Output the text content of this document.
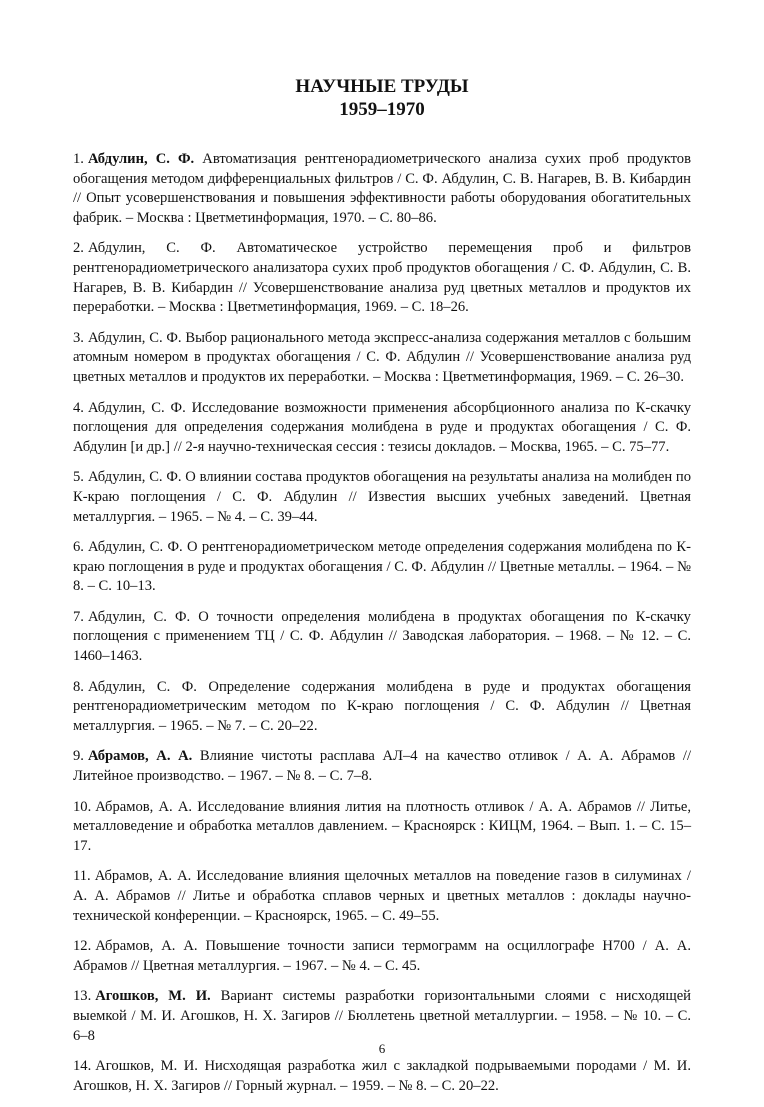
НАУЧНЫЕ ТРУДЫ
1959–1970

1. Абдулин, С. Ф. Автоматизация рентгенорадиометрического анализа сухих проб продуктов обогащения методом дифференциальных фильтров / С. Ф. Абдулин, С. В. Нагарев, В. В. Кибардин // Опыт усовершенствования и повышения эффективности работы оборудования обогатительных фабрик. – Москва : Цветметинформация, 1970. – С. 80–86.

2. Абдулин, С. Ф. Автоматическое устройство перемещения проб и фильтров рентгенорадиометрического анализатора сухих проб продуктов обогащения / С. Ф. Абдулин, С. В. Нагарев, В. В. Кибардин // Усовершенствование анализа руд цветных металлов и продуктов их переработки. – Москва : Цветметинформация, 1969. – С. 18–26.

3. Абдулин, С. Ф. Выбор рационального метода экспресс-анализа содержания металлов с большим атомным номером в продуктах обогащения / С. Ф. Абдулин // Усовершенствование анализа руд цветных металлов и продуктов их переработки. – Москва : Цветметинформация, 1969. – С. 26–30.

4. Абдулин, С. Ф. Исследование возможности применения абсорбционного анализа по К-скачку поглощения для определения содержания молибдена в руде и продуктах обогащения / С. Ф. Абдулин [и др.] // 2-я научно-техническая сессия : тезисы докладов. – Москва, 1965. – С. 75–77.

5. Абдулин, С. Ф. О влиянии состава продуктов обогащения на результаты анализа на молибден по К-краю поглощения / С. Ф. Абдулин // Известия высших учебных заведений. Цветная металлургия. – 1965. – № 4. – С. 39–44.

6. Абдулин, С. Ф. О рентгенорадиометрическом методе определения содержания молибдена по К-краю поглощения в руде и продуктах обогащения / С. Ф. Абдулин // Цветные металлы. – 1964. – № 8. – С. 10–13.

7. Абдулин, С. Ф. О точности определения молибдена в продуктах обогащения по К-скачку поглощения с применением ТЦ / С. Ф. Абдулин // Заводская лаборатория. – 1968. – № 12. – С. 1460–1463.

8. Абдулин, С. Ф. Определение содержания молибдена в руде и продуктах обогащения рентгенорадиометрическим методом по К-краю поглощения / С. Ф. Абдулин // Цветная металлургия. – 1965. – № 7. – С. 20–22.

9. Абрамов, А. А. Влияние чистоты расплава АЛ–4 на качество отливок / А. А. Абрамов // Литейное производство. – 1967. – № 8. – С. 7–8.

10. Абрамов, А. А. Исследование влияния лития на плотность отливок / А. А. Абрамов // Литье, металловедение и обработка металлов давлением. – Красноярск : КИЦМ, 1964. – Вып. 1. – С. 15–17.

11. Абрамов, А. А. Исследование влияния щелочных металлов на поведение газов в силуминах / А. А. Абрамов // Литье и обработка сплавов черных и цветных металлов : доклады научно-технической конференции. – Красноярск, 1965. – С. 49–55.

12. Абрамов, А. А. Повышение точности записи термограмм на осциллографе Н700 / А. А. Абрамов // Цветная металлургия. – 1967. – № 4. – С. 45.

13. Агошков, М. И. Вариант системы разработки горизонтальными слоями с нисходящей выемкой / М. И. Агошков, Н. Х. Загиров // Бюллетень цветной металлургии. – 1958. – № 10. – С. 6–8

14. Агошков, М. И. Нисходящая разработка жил с закладкой подрываемыми породами / М. И. Агошков, Н. Х. Загиров // Горный журнал. – 1959. – № 8. – С. 20–22.

6
